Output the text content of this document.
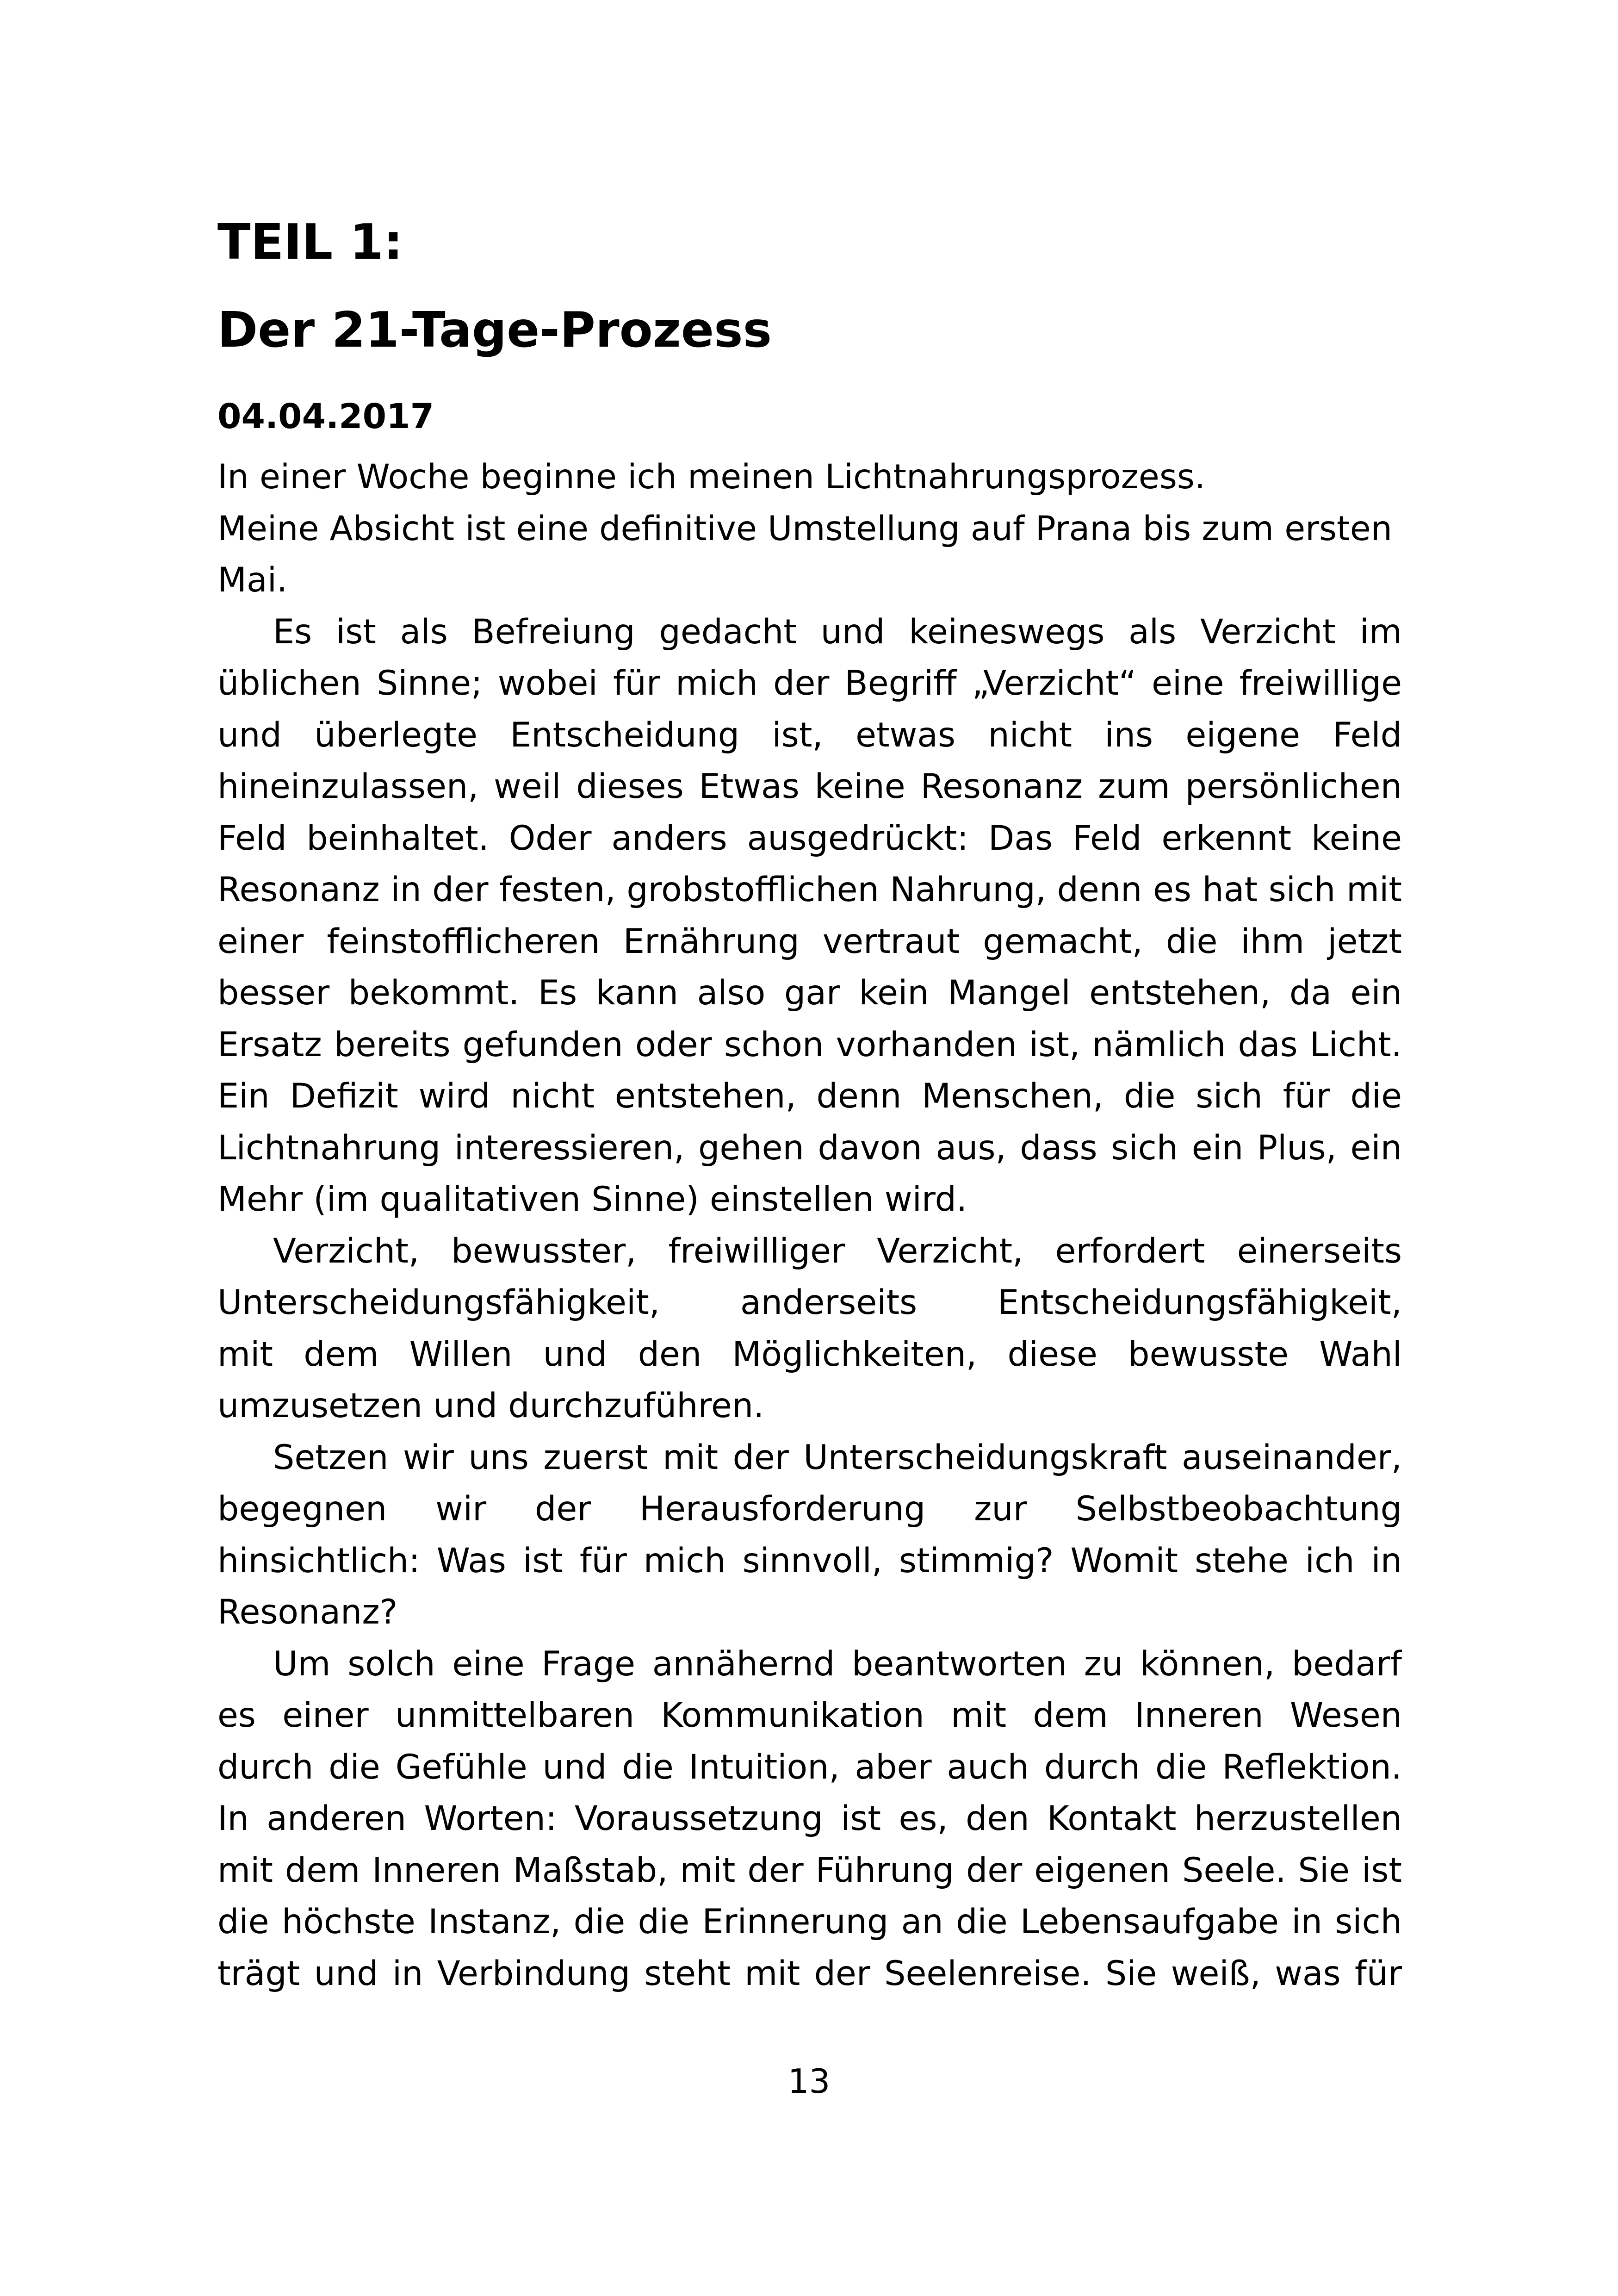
TEIL 1:
Der 21-Tage-Prozess
04.04.2017
In einer Woche beginne ich meinen Lichtnahrungsprozess.
Meine Absicht ist eine definitive Umstellung auf Prana bis zum ersten
Mai.
Es ist als Befreiung gedacht und keineswegs als Verzicht im
üblichen Sinne; wobei für mich der Begriff „Verzicht“ eine freiwillige
und überlegte Entscheidung ist, etwas nicht ins eigene Feld
hineinzulassen, weil dieses Etwas keine Resonanz zum persönlichen
Feld beinhaltet. Oder anders ausgedrückt: Das Feld erkennt keine
Resonanz in der festen, grobstofflichen Nahrung, denn es hat sich mit
einer feinstofflicheren Ernährung vertraut gemacht, die ihm jetzt
besser bekommt. Es kann also gar kein Mangel entstehen, da ein
Ersatz bereits gefunden oder schon vorhanden ist, nämlich das Licht.
Ein Defizit wird nicht entstehen, denn Menschen, die sich für die
Lichtnahrung interessieren, gehen davon aus, dass sich ein Plus, ein
Mehr (im qualitativen Sinne) einstellen wird.
Verzicht, bewusster, freiwilliger Verzicht, erfordert einerseits
Unterscheidungsfähigkeit, anderseits Entscheidungsfähigkeit,
mit dem Willen und den Möglichkeiten, diese bewusste Wahl
umzusetzen und durchzuführen.
Setzen wir uns zuerst mit der Unterscheidungskraft auseinander,
begegnen wir der Herausforderung zur Selbstbeobachtung
hinsichtlich: Was ist für mich sinnvoll, stimmig? Womit stehe ich in
Resonanz?
Um solch eine Frage annähernd beantworten zu können, bedarf
es einer unmittelbaren Kommunikation mit dem Inneren Wesen
durch die Gefühle und die Intuition, aber auch durch die Reflektion.
In anderen Worten: Voraussetzung ist es, den Kontakt herzustellen
mit dem Inneren Maßstab, mit der Führung der eigenen Seele. Sie ist
die höchste Instanz, die die Erinnerung an die Lebensaufgabe in sich
trägt und in Verbindung steht mit der Seelenreise. Sie weiß, was für
13
